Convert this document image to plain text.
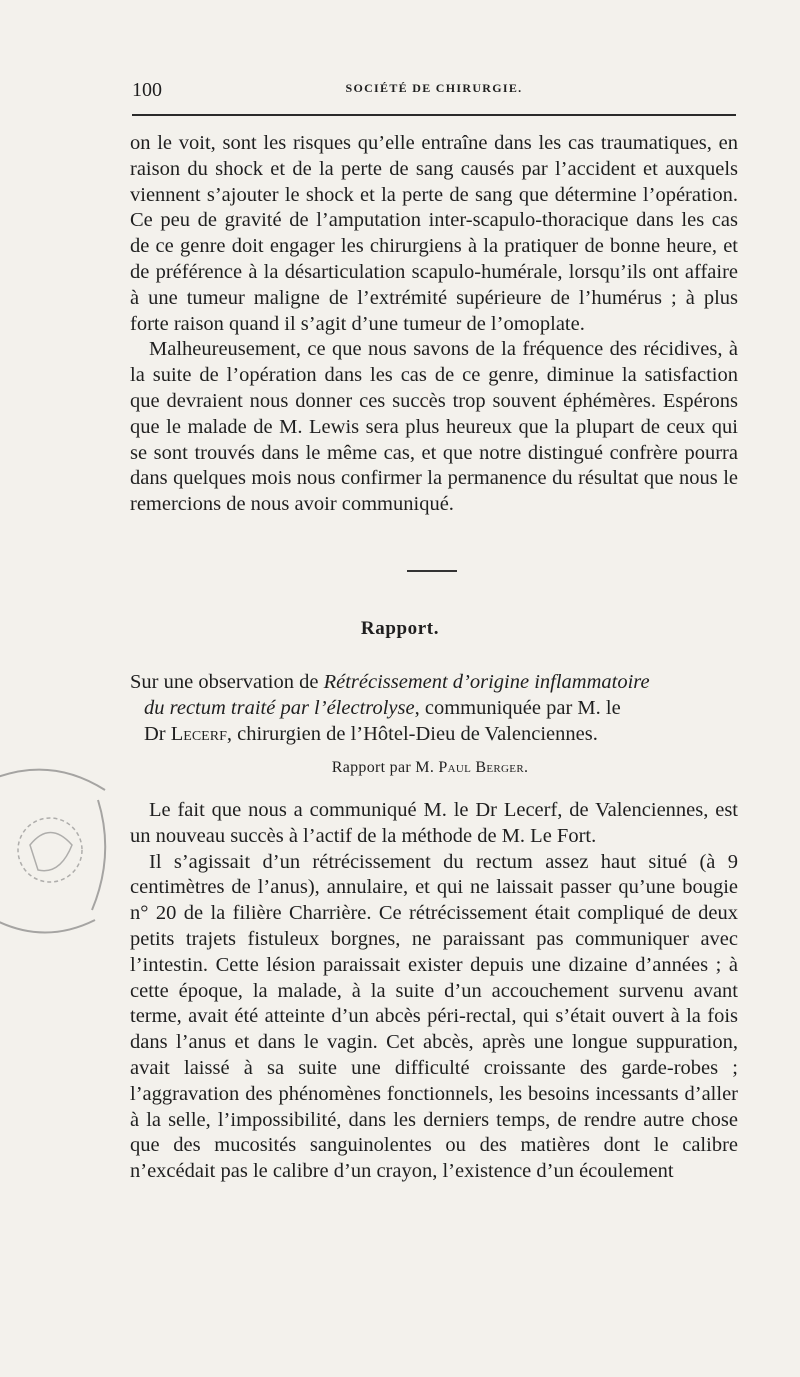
100	SOCIÉTÉ DE CHIRURGIE.

on le voit, sont les risques qu’elle entraîne dans les cas traumatiques, en raison du shock et de la perte de sang causés par l’accident et auxquels viennent s’ajouter le shock et la perte de sang que détermine l’opération. Ce peu de gravité de l’amputation inter-scapulo-thoracique dans les cas de ce genre doit engager les chirurgiens à la pratiquer de bonne heure, et de préférence à la désarticulation scapulo-humérale, lorsqu’ils ont affaire à une tumeur maligne de l’extrémité supérieure de l’humérus ; à plus forte raison quand il s’agit d’une tumeur de l’omoplate.

Malheureusement, ce que nous savons de la fréquence des récidives, à la suite de l’opération dans les cas de ce genre, diminue la satisfaction que devraient nous donner ces succès trop souvent éphémères. Espérons que le malade de M. Lewis sera plus heureux que la plupart de ceux qui se sont trouvés dans le même cas, et que notre distingué confrère pourra dans quelques mois nous confirmer la permanence du résultat que nous le remercions de nous avoir communiqué.

Rapport.
Sur une observation de Rétrécissement d’origine inflammatoire
du rectum traité par l’électrolyse, communiquée par M. le
Dr Lecerf, chirurgien de l’Hôtel-Dieu de Valenciennes.
Rapport par M. Paul Berger.

Le fait que nous a communiqué M. le Dr Lecerf, de Valenciennes, est un nouveau succès à l’actif de la méthode de M. Le Fort.

Il s’agissait d’un rétrécissement du rectum assez haut situé (à 9 centimètres de l’anus), annulaire, et qui ne laissait passer qu’une bougie n° 20 de la filière Charrière. Ce rétrécissement était compliqué de deux petits trajets fistuleux borgnes, ne paraissant pas communiquer avec l’intestin. Cette lésion paraissait exister depuis une dizaine d’années ; à cette époque, la malade, à la suite d’un accouchement survenu avant terme, avait été atteinte d’un abcès péri-rectal, qui s’était ouvert à la fois dans l’anus et dans le vagin. Cet abcès, après une longue suppuration, avait laissé à sa suite une difficulté croissante des garde-robes ; l’aggravation des phénomènes fonctionnels, les besoins incessants d’aller à la selle, l’impossibilité, dans les derniers temps, de rendre autre chose que des mucosités sanguinolentes ou des matières dont le calibre n’excédait pas le calibre d’un crayon, l’existence d’un écoulement
